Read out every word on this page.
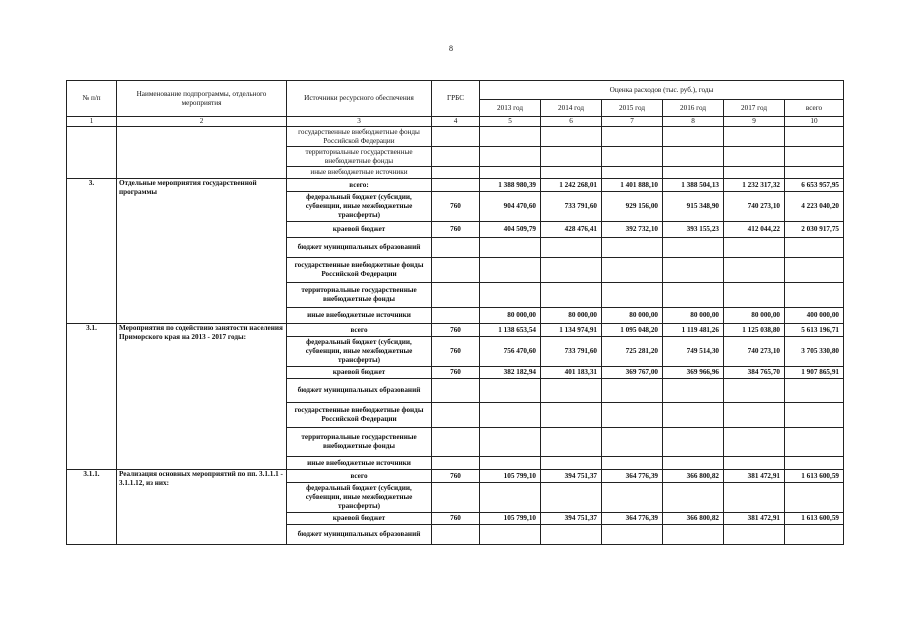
8
№ п/п	Наименование подпрограммы, отдельного мероприятия	Источники ресурсного обеспечения	ГРБС	Оценка расходов (тыс. руб.), годы					
				2013 год	2014 год	2015 год	2016 год	2017 год	всего
1	2	3	4	5	6	7	8	9	10
		государственные внебюджетные фонды Российской Федерации							
		территориальные государственные внебюджетные фонды							
		иные внебюджетные источники							
3.	Отдельные мероприятия государственной программы	всего:		1 388 980,39	1 242 268,01	1 401 888,10	1 388 504,13	1 232 317,32	6 653 957,95
		федеральный бюджет (субсидии, субвенции, иные межбюджетные трансферты)	760	904 470,60	733 791,60	929 156,00	915 348,90	740 273,10	4 223 040,20
		краевой бюджет	760	404 509,79	428 476,41	392 732,10	393 155,23	412 044,22	2 030 917,75
		бюджет муниципальных образований							
		государственные внебюджетные фонды Российской Федерации							
		территориальные государственные внебюджетные фонды							
		иные внебюджетные источники		80 000,00	80 000,00	80 000,00	80 000,00	80 000,00	400 000,00
3.1.	Мероприятия по содействию занятости населения Приморского края на 2013 - 2017 годы:	всего	760	1 138 653,54	1 134 974,91	1 095 048,20	1 119 481,26	1 125 038,80	5 613 196,71
		федеральный бюджет (субсидии, субвенции, иные межбюджетные трансферты)	760	756 470,60	733 791,60	725 281,20	749 514,30	740 273,10	3 705 330,80
		краевой бюджет	760	382 182,94	401 183,31	369 767,00	369 966,96	384 765,70	1 907 865,91
		бюджет муниципальных образований							
		государственные внебюджетные фонды Российской Федерации							
		территориальные государственные внебюджетные фонды							
		иные внебюджетные источники							
3.1.1.	Реализация основных мероприятий по пп. 3.1.1.1 - 3.1.1.12, из них:	всего	760	105 799,10	394 751,37	364 776,39	366 800,82	381 472,91	1 613 600,59
		федеральный бюджет (субсидии, субвенции, иные межбюджетные трансферты)							
		краевой бюджет	760	105 799,10	394 751,37	364 776,39	366 800,82	381 472,91	1 613 600,59
		бюджет муниципальных образований							
